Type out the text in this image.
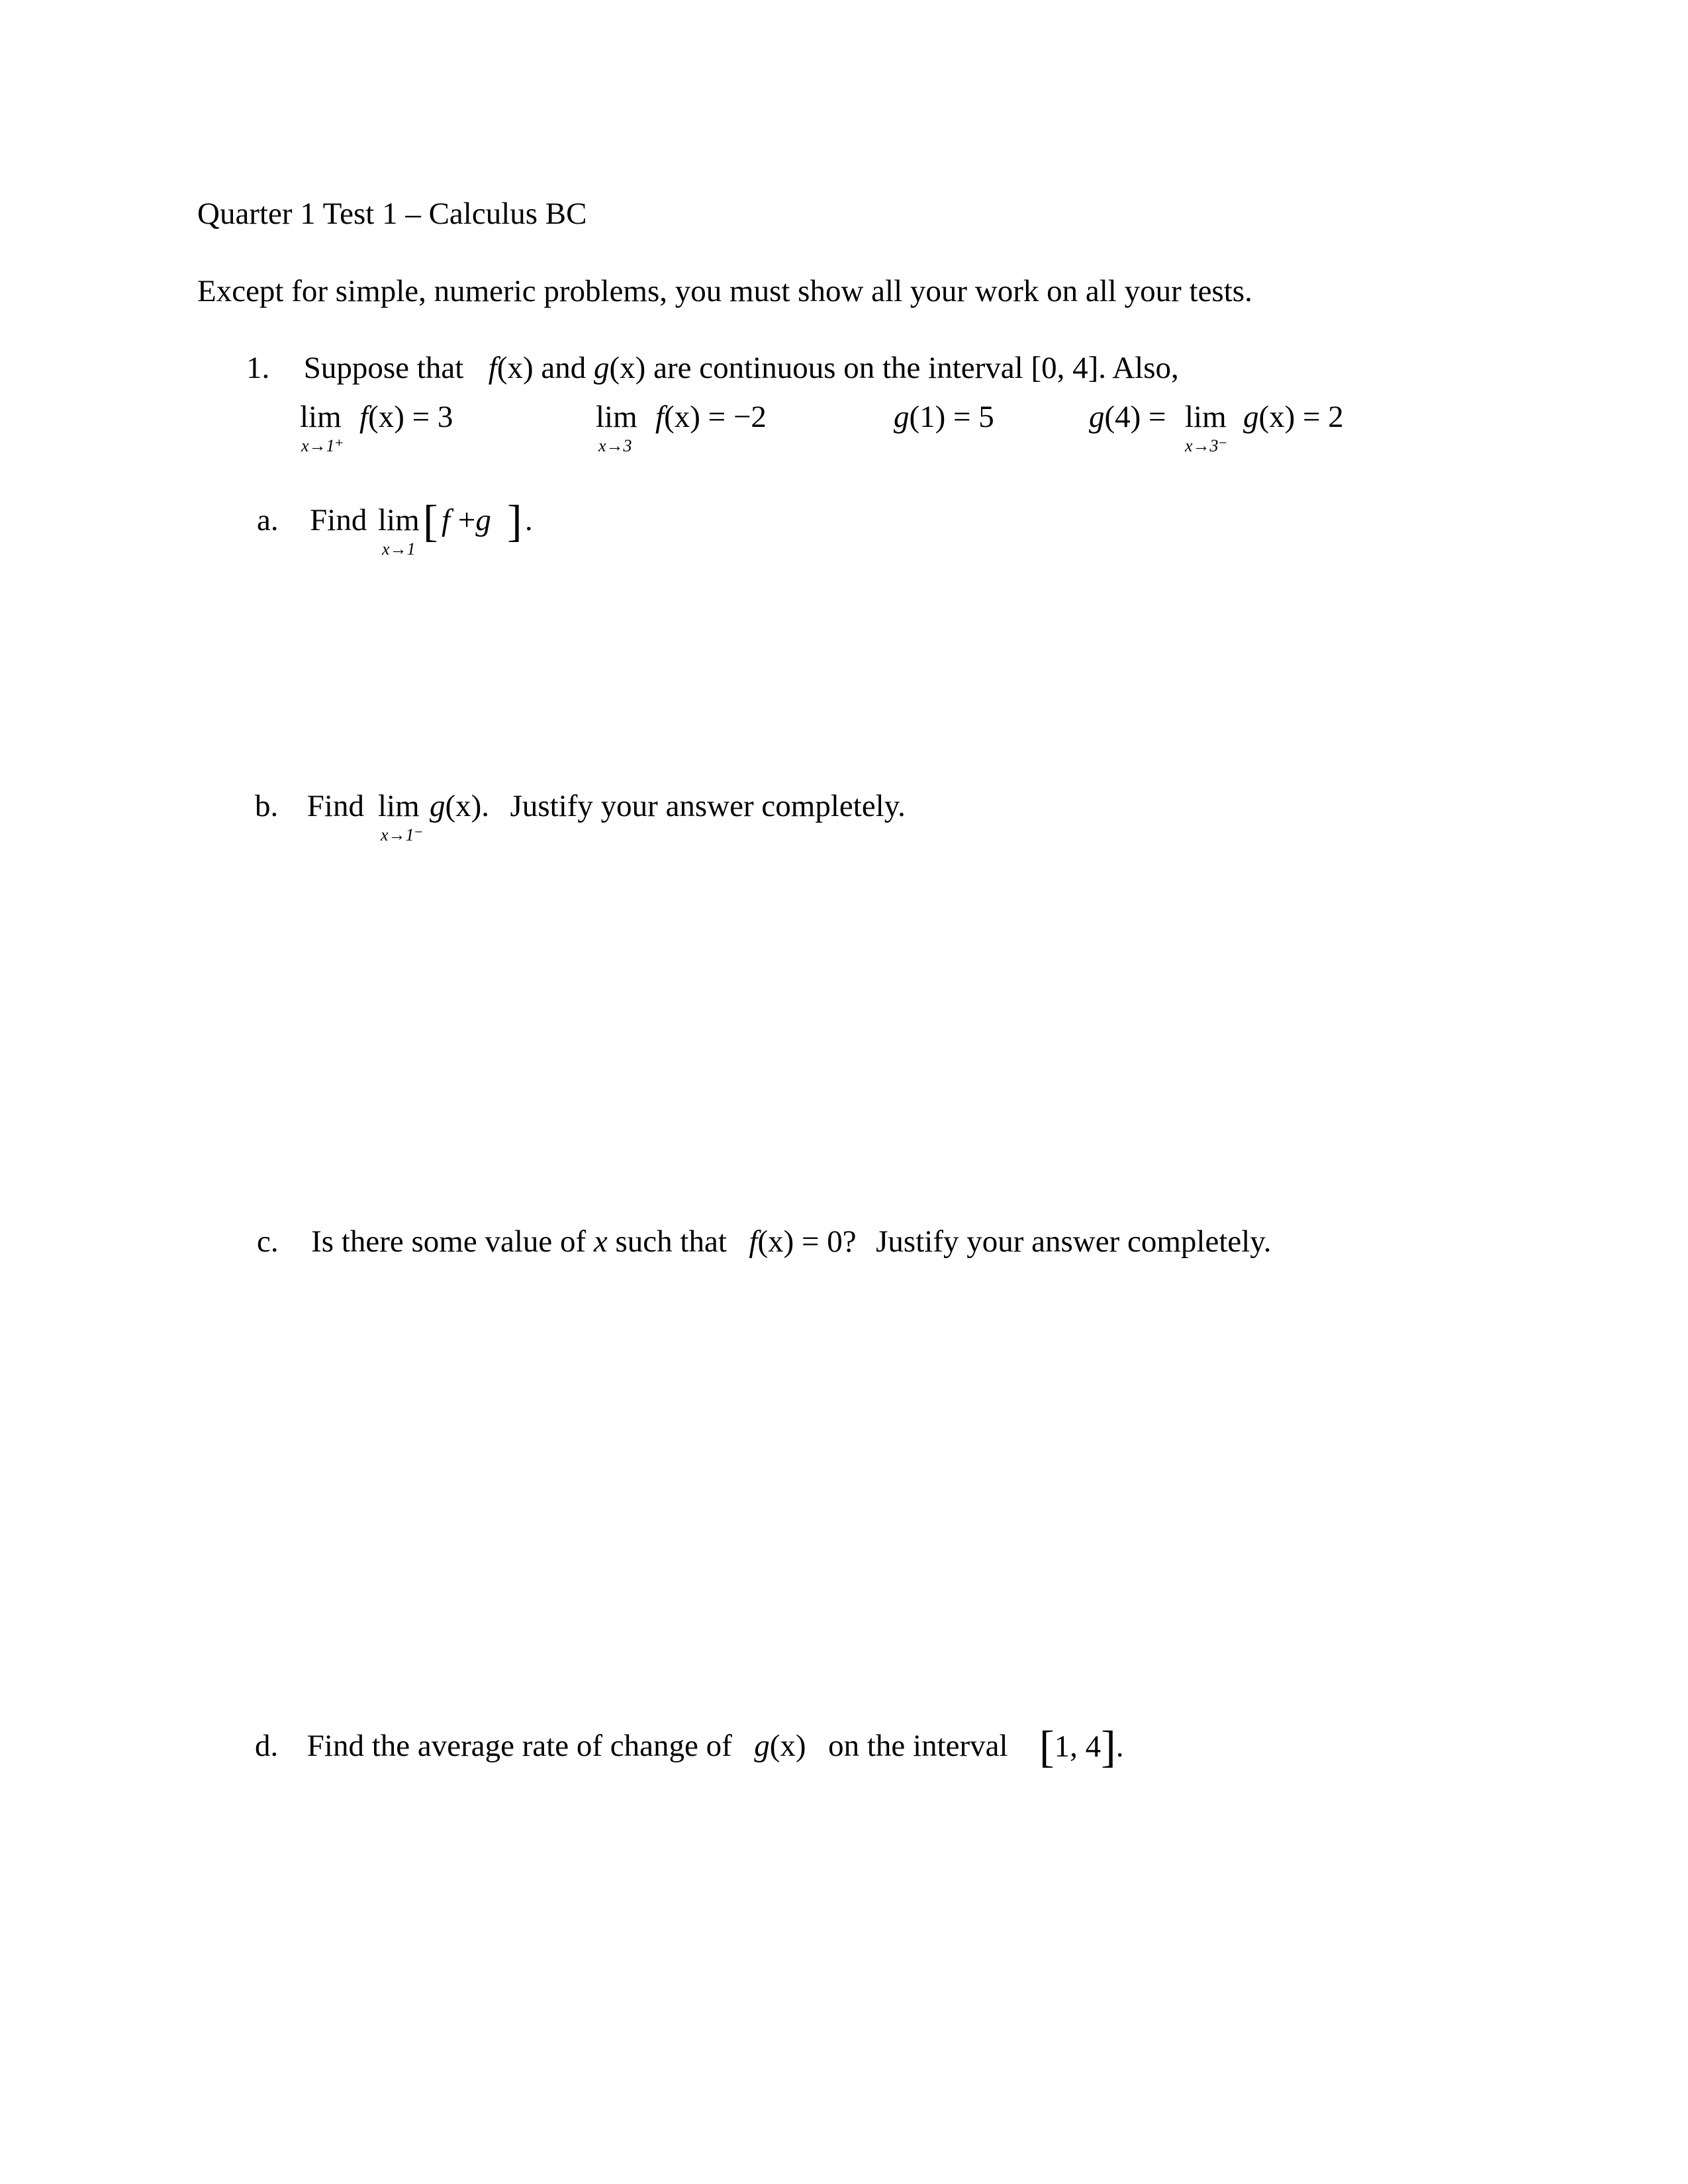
Quarter 1 Test 1 – Calculus BC
Except for simple, numeric problems, you must show all your work on all your tests.
1. Suppose that f(x) and g(x) are continuous on the interval [0, 4]. Also,
lim
x→1⁺
f(x) = 3	lim
x→3
f(x) = −2	g(1) = 5	g(4) = lim
x→3⁻
g(x) = 2
a. Find lim
x→1
[ f +g ] .
b. Find lim
x→1⁻
g(x). Justify your answer completely.
c. Is there some value of x such that f(x) = 0? Justify your answer completely.
d. Find the average rate of change of g(x) on the interval [1, 4].
